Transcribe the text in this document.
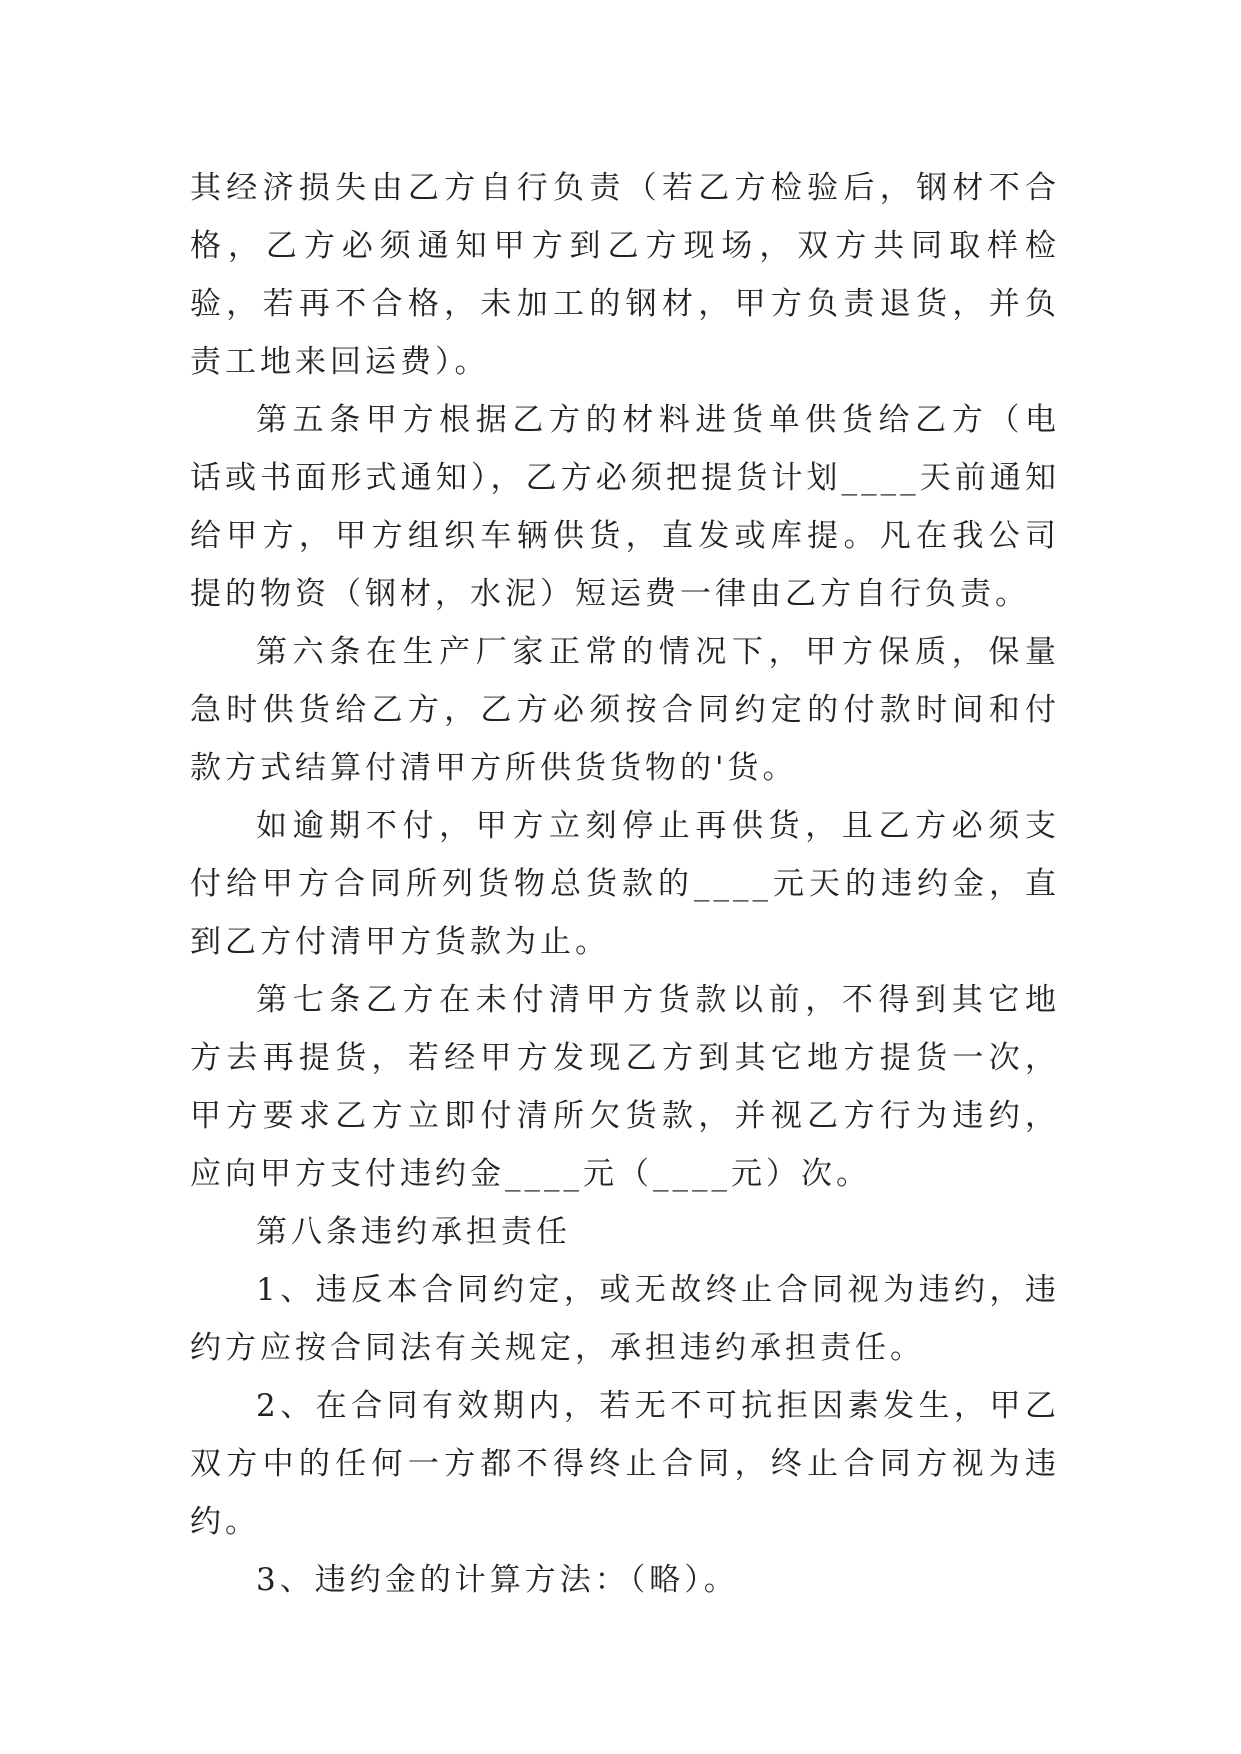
其经济损失由乙方自行负责（若乙方检验后，钢材不合格，乙方必须通知甲方到乙方现场，双方共同取样检验，若再不合格，未加工的钢材，甲方负责退货，并负责工地来回运费）。

第五条甲方根据乙方的材料进货单供货给乙方（电话或书面形式通知），乙方必须把提货计划____天前通知给甲方，甲方组织车辆供货，直发或库提。凡在我公司提的物资（钢材，水泥）短运费一律由乙方自行负责。

第六条在生产厂家正常的情况下，甲方保质，保量急时供货给乙方，乙方必须按合同约定的付款时间和付款方式结算付清甲方所供货货物的'货。

如逾期不付，甲方立刻停止再供货，且乙方必须支付给甲方合同所列货物总货款的____元天的违约金，直到乙方付清甲方货款为止。

第七条乙方在未付清甲方货款以前，不得到其它地方去再提货，若经甲方发现乙方到其它地方提货一次，甲方要求乙方立即付清所欠货款，并视乙方行为违约，应向甲方支付违约金____元（____元）次。

第八条违约承担责任

1、违反本合同约定，或无故终止合同视为违约，违约方应按合同法有关规定，承担违约承担责任。

2、在合同有效期内，若无不可抗拒因素发生，甲乙双方中的任何一方都不得终止合同，终止合同方视为违约。

3、违约金的计算方法：（略）。
